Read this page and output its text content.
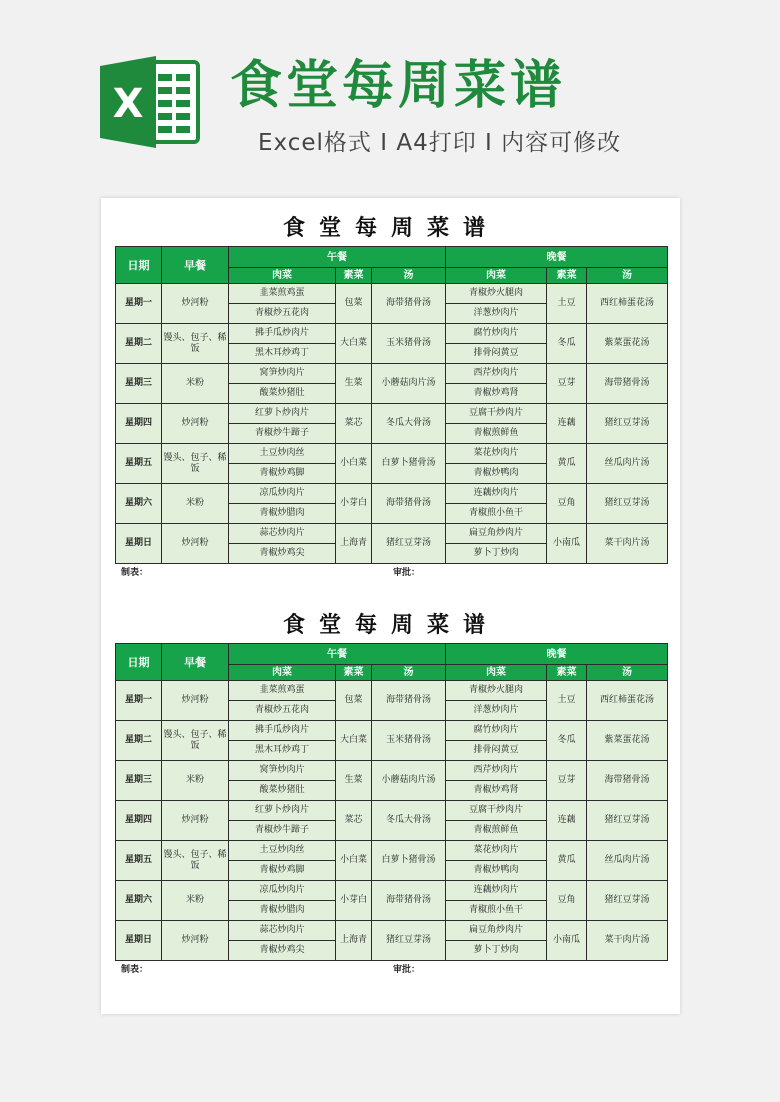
X 食堂每周菜谱
Excel格式 I A4打印 I 内容可修改
食堂每周菜谱
日期	早餐	午餐			晚餐		
		肉菜	素菜	汤	肉菜	素菜	汤
星期一	炒河粉	韭菜煎鸡蛋	包菜	海带猪骨汤	青椒炒火腿肉	土豆	西红柿蛋花汤
		青椒炒五花肉			洋葱炒肉片		
星期二	馒头、包子、稀饭	拂手瓜炒肉片	大白菜	玉米猪骨汤	腐竹炒肉片	冬瓜	紫菜蛋花汤
		黑木耳炒鸡丁			排骨闷黄豆		
星期三	米粉	窝笋炒肉片	生菜	小蘑菇肉片汤	西芹炒肉片	豆芽	海带猪骨汤
		酸菜炒猪肚			青椒炒鸡肾		
星期四	炒河粉	红萝卜炒肉片	菜芯	冬瓜大骨汤	豆腐干炒肉片	连藕	猪红豆芽汤
		青椒炒牛蹄子			青椒煎鲜鱼		
星期五	馒头、包子、稀饭	土豆炒肉丝	小白菜	白萝卜猪骨汤	菜花炒肉片	黄瓜	丝瓜肉片汤
		青椒炒鸡脚			青椒炒鸭肉		
星期六	米粉	凉瓜炒肉片	小芽白	海带猪骨汤	连藕炒肉片	豆角	猪红豆芽汤
		青椒炒腊肉			青椒煎小鱼干		
星期日	炒河粉	蒜芯炒肉片	上海青	猪红豆芽汤	扁豆角炒肉片	小南瓜	菜干肉片汤
		青椒炒鸡尖			萝卜丁炒肉		
制表：	审批：
食堂每周菜谱
日期	早餐	午餐			晚餐		
		肉菜	素菜	汤	肉菜	素菜	汤
星期一	炒河粉	韭菜煎鸡蛋	包菜	海带猪骨汤	青椒炒火腿肉	土豆	西红柿蛋花汤
		青椒炒五花肉			洋葱炒肉片		
星期二	馒头、包子、稀饭	拂手瓜炒肉片	大白菜	玉米猪骨汤	腐竹炒肉片	冬瓜	紫菜蛋花汤
		黑木耳炒鸡丁			排骨闷黄豆		
星期三	米粉	窝笋炒肉片	生菜	小蘑菇肉片汤	西芹炒肉片	豆芽	海带猪骨汤
		酸菜炒猪肚			青椒炒鸡肾		
星期四	炒河粉	红萝卜炒肉片	菜芯	冬瓜大骨汤	豆腐干炒肉片	连藕	猪红豆芽汤
		青椒炒牛蹄子			青椒煎鲜鱼		
星期五	馒头、包子、稀饭	土豆炒肉丝	小白菜	白萝卜猪骨汤	菜花炒肉片	黄瓜	丝瓜肉片汤
		青椒炒鸡脚			青椒炒鸭肉		
星期六	米粉	凉瓜炒肉片	小芽白	海带猪骨汤	连藕炒肉片	豆角	猪红豆芽汤
		青椒炒腊肉			青椒煎小鱼干		
星期日	炒河粉	蒜芯炒肉片	上海青	猪红豆芽汤	扁豆角炒肉片	小南瓜	菜干肉片汤
		青椒炒鸡尖			萝卜丁炒肉		
制表：	审批：
